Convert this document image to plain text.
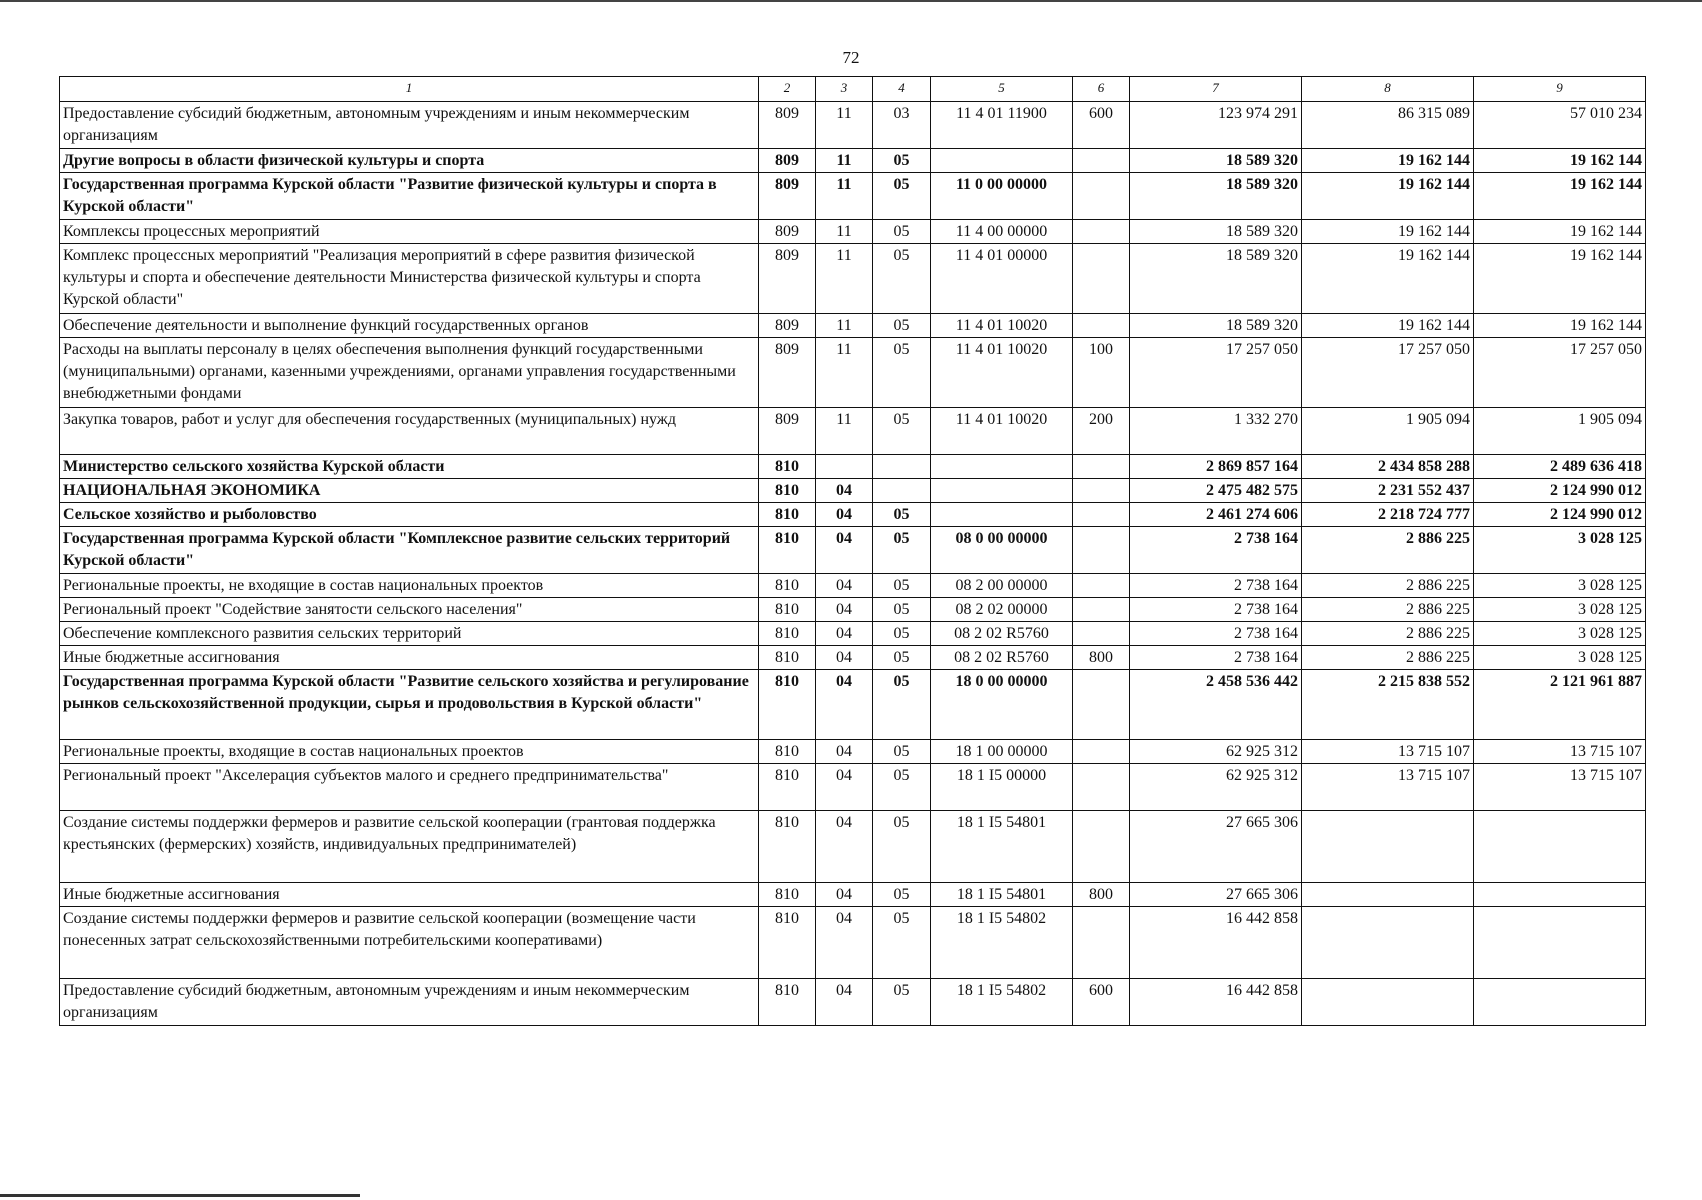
72
1	2	3	4	5	6	7	8	9
Предоставление субсидий бюджетным, автономным учреждениям и иным некоммерческим организациям	809	11	03	11 4 01 11900	600	123 974 291	86 315 089	57 010 234
Другие вопросы в области физической культуры и спорта	809	11	05			18 589 320	19 162 144	19 162 144
Государственная программа Курской области "Развитие физической культуры и спорта в Курской области"	809	11	05	11 0 00 00000		18 589 320	19 162 144	19 162 144
Комплексы процессных мероприятий	809	11	05	11 4 00 00000		18 589 320	19 162 144	19 162 144
Комплекс процессных мероприятий "Реализация мероприятий в сфере развития физической культуры и спорта и обеспечение деятельности Министерства физической культуры и спорта Курской области"	809	11	05	11 4 01 00000		18 589 320	19 162 144	19 162 144
Обеспечение деятельности и выполнение функций государственных органов	809	11	05	11 4 01 10020		18 589 320	19 162 144	19 162 144
Расходы на выплаты персоналу в целях обеспечения выполнения функций государственными (муниципальными) органами, казенными учреждениями, органами управления государственными внебюджетными фондами	809	11	05	11 4 01 10020	100	17 257 050	17 257 050	17 257 050
Закупка товаров, работ и услуг для обеспечения государственных (муниципальных) нужд	809	11	05	11 4 01 10020	200	1 332 270	1 905 094	1 905 094
Министерство сельского хозяйства Курской области	810					2 869 857 164	2 434 858 288	2 489 636 418
НАЦИОНАЛЬНАЯ ЭКОНОМИКА	810	04				2 475 482 575	2 231 552 437	2 124 990 012
Сельское хозяйство и рыболовство	810	04	05			2 461 274 606	2 218 724 777	2 124 990 012
Государственная программа Курской области "Комплексное развитие сельских территорий Курской области"	810	04	05	08 0 00 00000		2 738 164	2 886 225	3 028 125
Региональные проекты, не входящие в состав национальных проектов	810	04	05	08 2 00 00000		2 738 164	2 886 225	3 028 125
Региональный проект "Содействие занятости сельского населения"	810	04	05	08 2 02 00000		2 738 164	2 886 225	3 028 125
Обеспечение комплексного развития сельских территорий	810	04	05	08 2 02 R5760		2 738 164	2 886 225	3 028 125
Иные бюджетные ассигнования	810	04	05	08 2 02 R5760	800	2 738 164	2 886 225	3 028 125
Государственная программа Курской области "Развитие сельского хозяйства и регулирование рынков сельскохозяйственной продукции, сырья и продовольствия в Курской области"	810	04	05	18 0 00 00000		2 458 536 442	2 215 838 552	2 121 961 887
Региональные проекты, входящие в состав национальных проектов	810	04	05	18 1 00 00000		62 925 312	13 715 107	13 715 107
Региональный проект "Акселерация субъектов малого и среднего предпринимательства"	810	04	05	18 1 I5 00000		62 925 312	13 715 107	13 715 107
Создание системы поддержки фермеров и развитие сельской кооперации (грантовая поддержка крестьянских (фермерских) хозяйств, индивидуальных предпринимателей)	810	04	05	18 1 I5 54801		27 665 306		
Иные бюджетные ассигнования	810	04	05	18 1 I5 54801	800	27 665 306		
Создание системы поддержки фермеров и развитие сельской кооперации (возмещение части понесенных затрат сельскохозяйственными потребительскими кооперативами)	810	04	05	18 1 I5 54802		16 442 858		
Предоставление субсидий бюджетным, автономным учреждениям и иным некоммерческим организациям	810	04	05	18 1 I5 54802	600	16 442 858		
